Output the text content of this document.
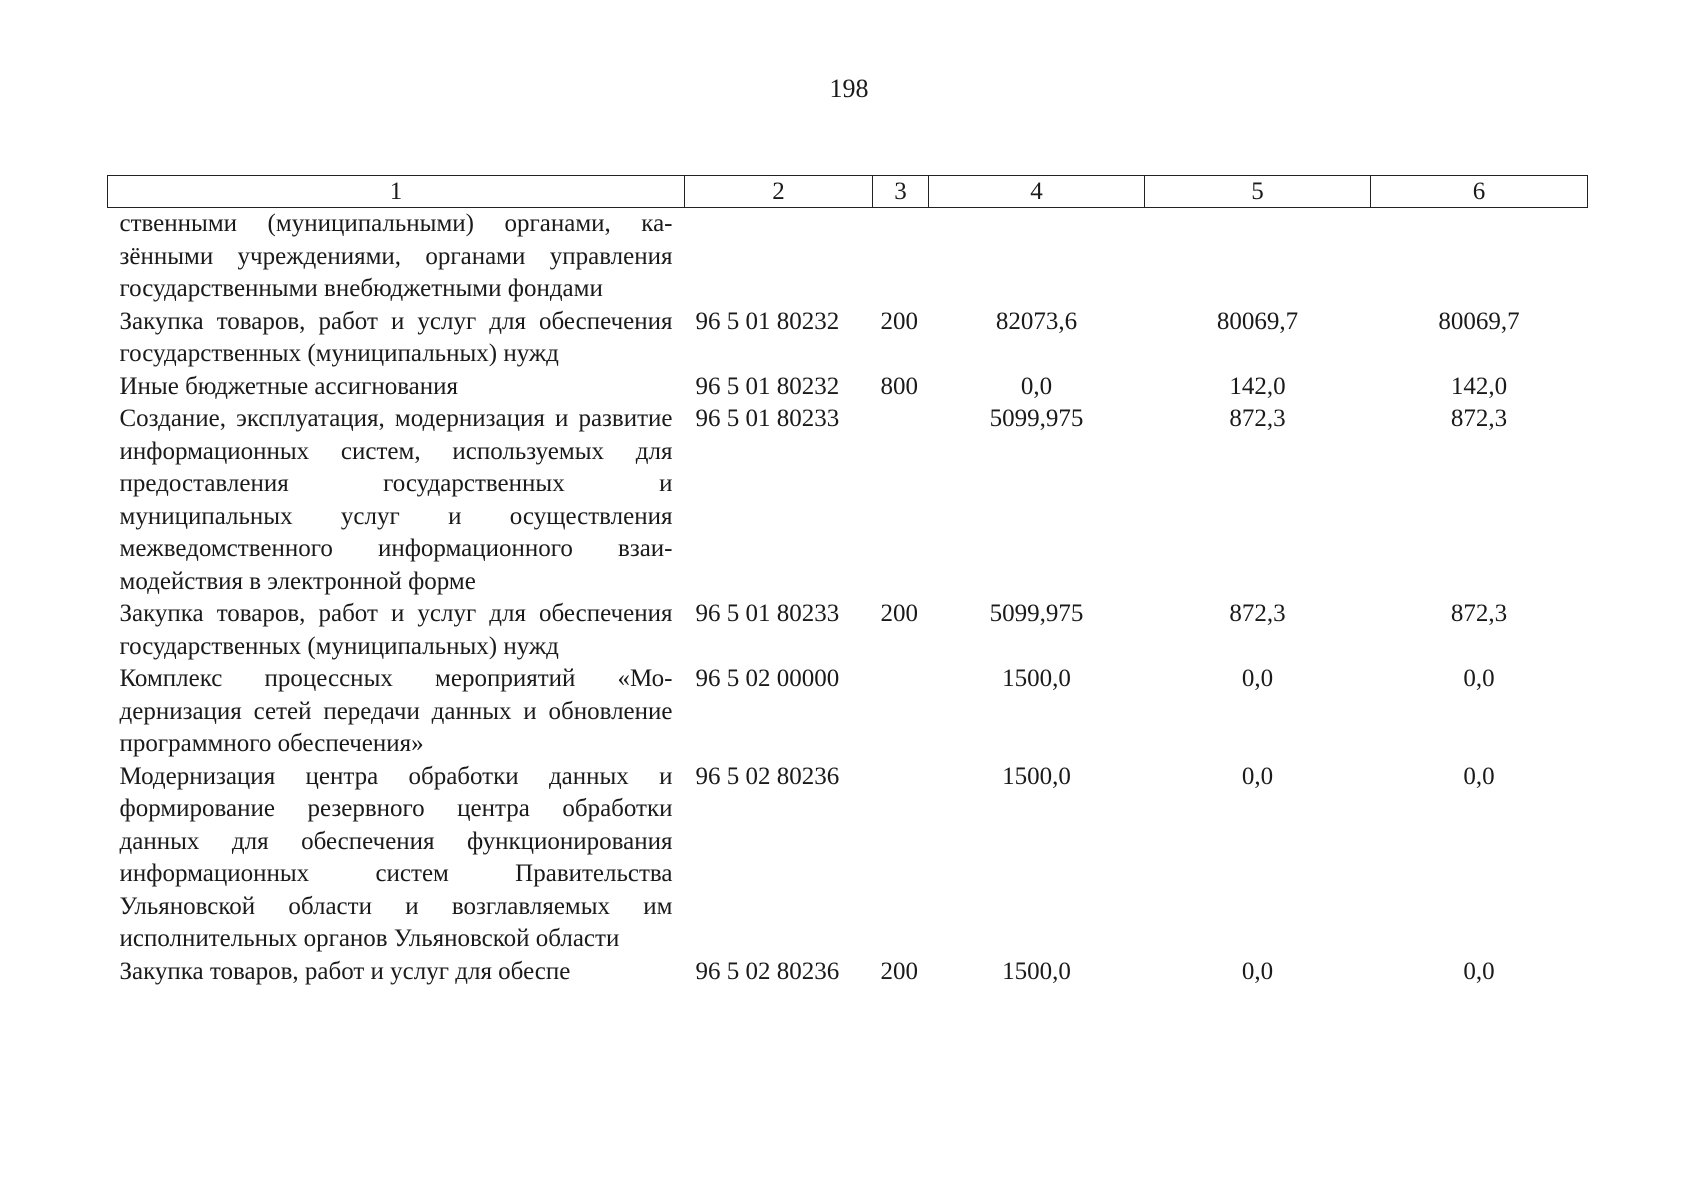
198
1	2	3	4	5	6
ственными (муниципальными) органами, казёнными учреждениями, органами управления государственными внебюджетными фондами					
Закупка товаров, работ и услуг для обеспечения государственных (муниципальных) нужд	96 5 01 80232	200	82073,6	80069,7	80069,7
Иные бюджетные ассигнования	96 5 01 80232	800	0,0	142,0	142,0
Создание, эксплуатация, модернизация и развитие информационных систем, используемых для предоставления государственных и муниципальных услуг и осуществления межведомственного информационного взаимодействия в электронной форме	96 5 01 80233		5099,975	872,3	872,3
Закупка товаров, работ и услуг для обеспечения государственных (муниципальных) нужд	96 5 01 80233	200	5099,975	872,3	872,3
Комплекс процессных мероприятий «Модернизация сетей передачи данных и обновление программного обеспечения»	96 5 02 00000		1500,0	0,0	0,0
Модернизация центра обработки данных и формирование резервного центра обработки данных для обеспечения функционирования информационных систем Правительства Ульяновской области и возглавляемых им исполнительных органов Ульяновской области	96 5 02 80236		1500,0	0,0	0,0
Закупка товаров, работ и услуг для обеспе	96 5 02 80236	200	1500,0	0,0	0,0
